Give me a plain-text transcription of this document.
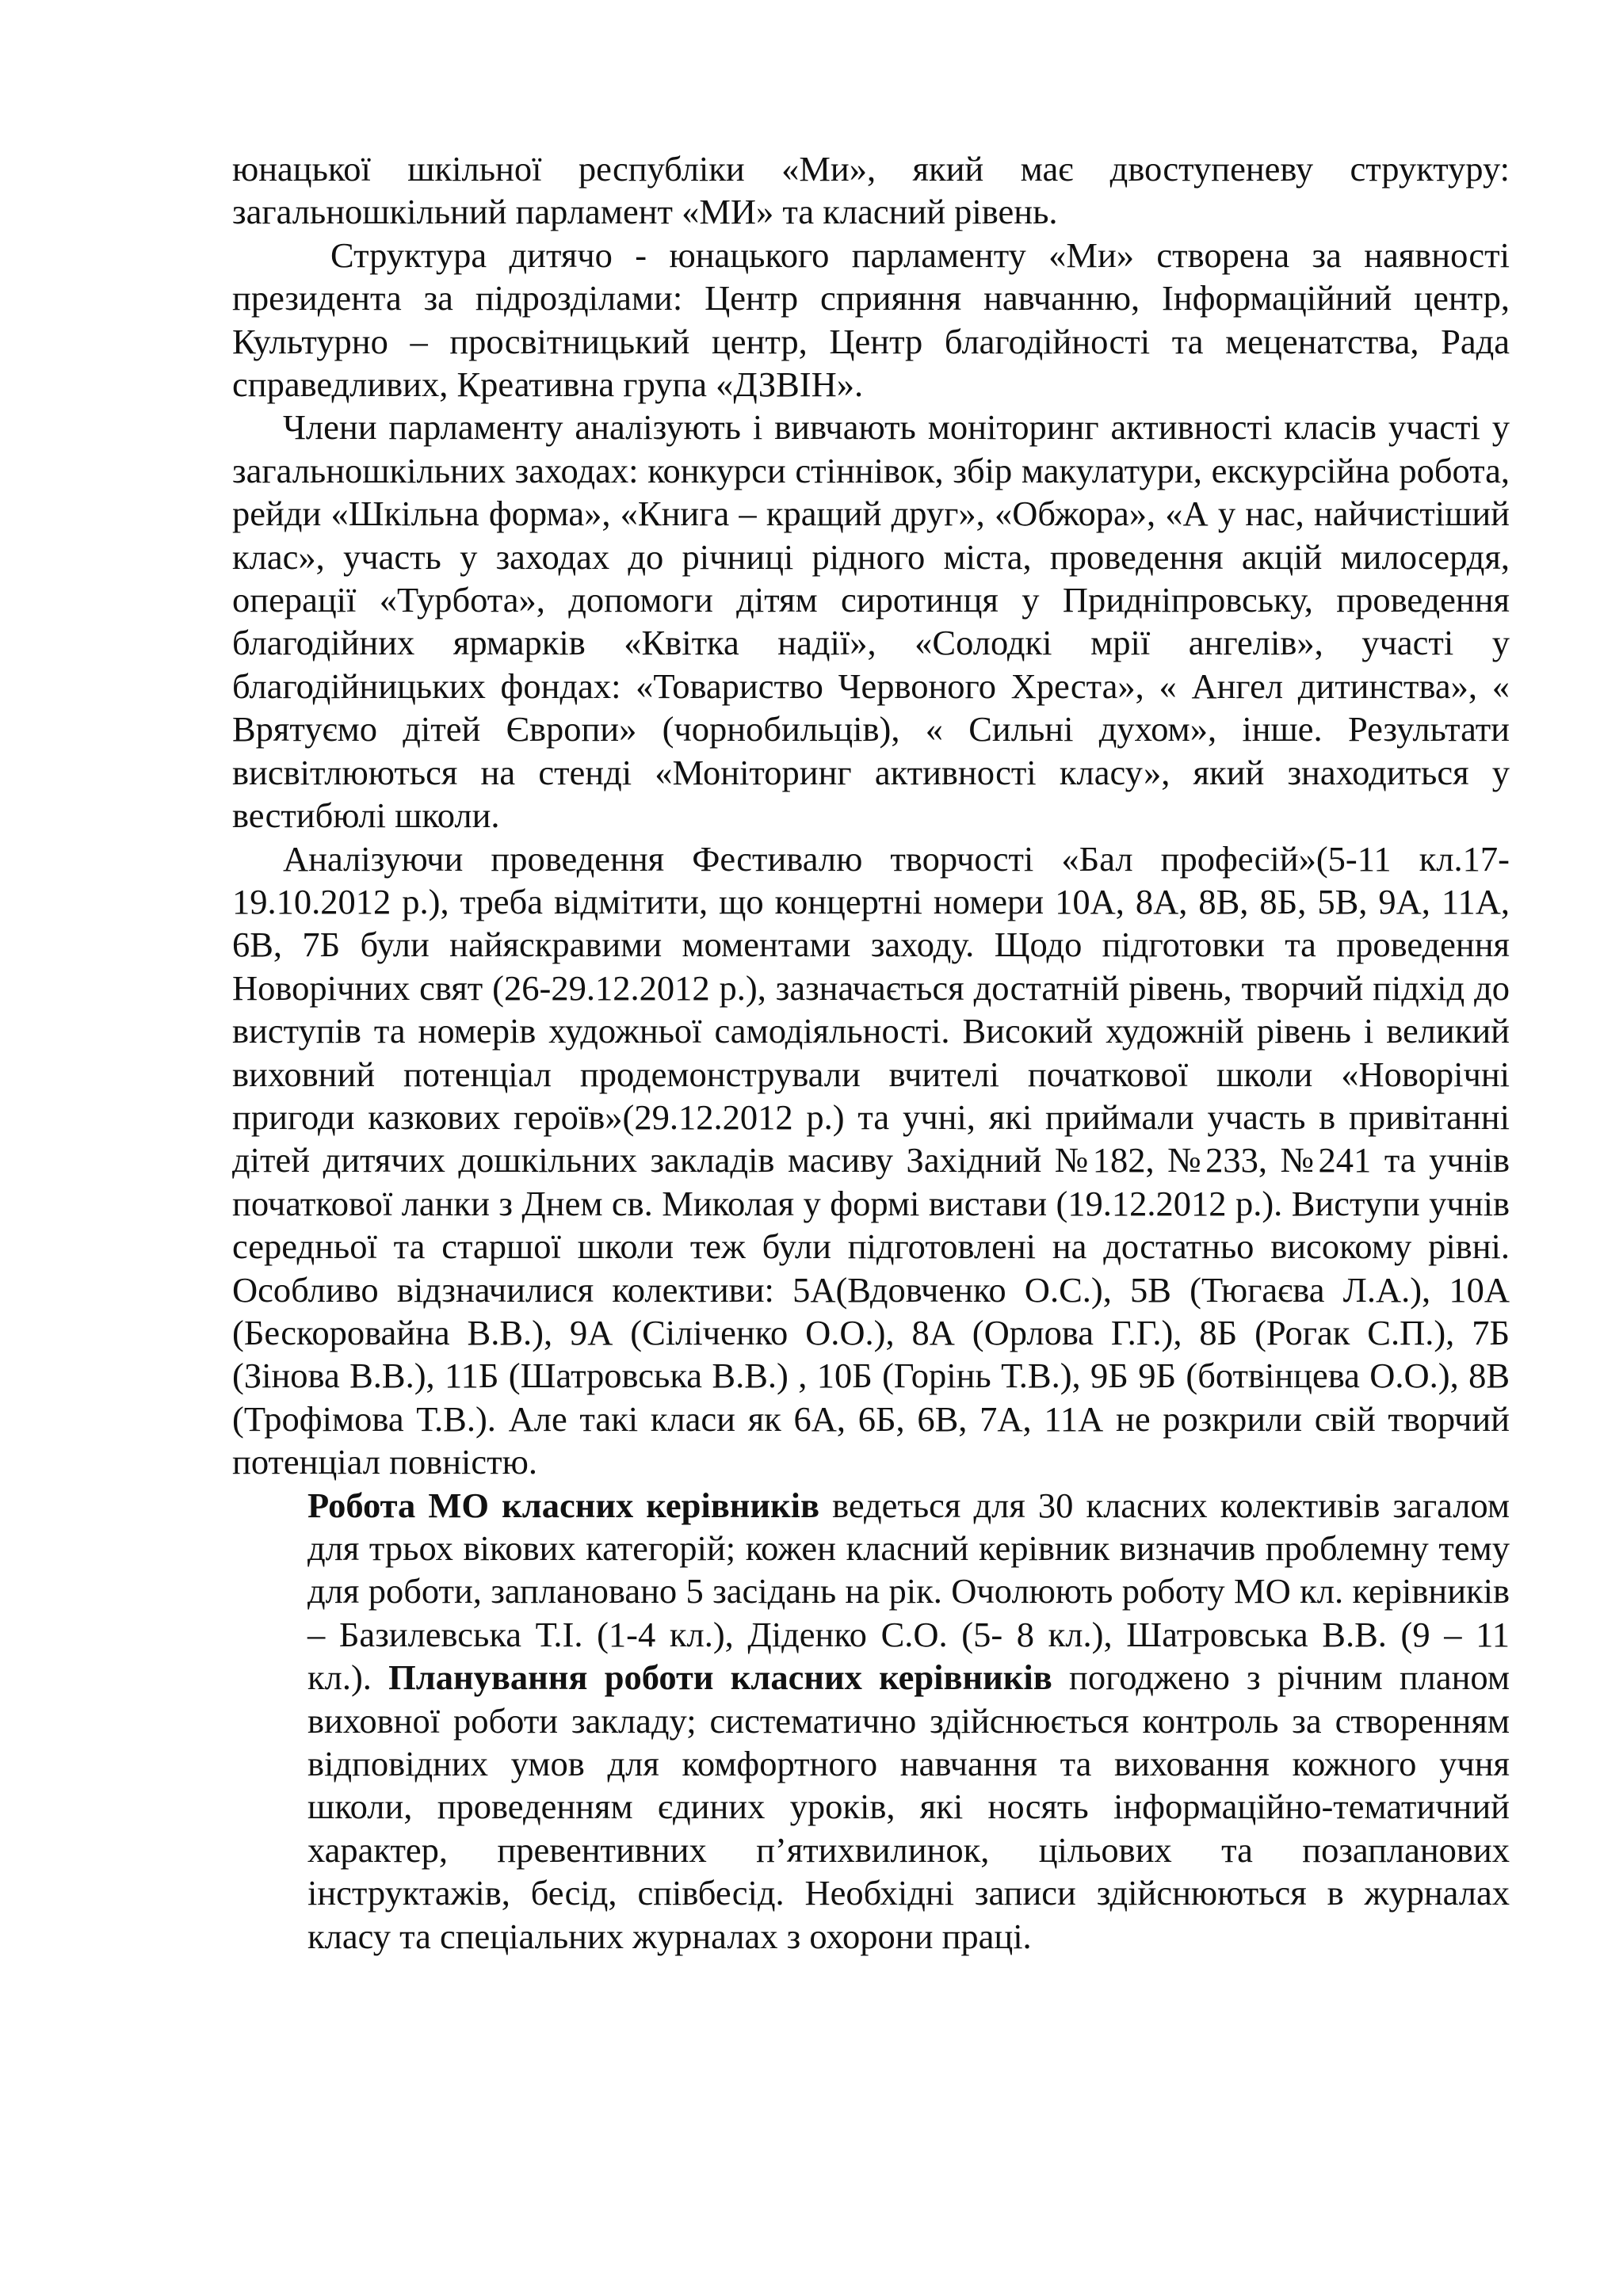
юнацької шкільної республіки «Ми», який має двоступеневу структуру: загальношкільний парламент «МИ» та класний рівень.

Структура дитячо - юнацького парламенту «Ми» створена за наявності президента за підрозділами: Центр сприяння навчанню, Інформаційний центр, Культурно – просвітницький центр, Центр благодійності та меценатства, Рада справедливих, Креативна група «ДЗВІН».

Члени парламенту аналізують і вивчають моніторинг активності класів участі у загальношкільних заходах: конкурси стіннівок, збір макулатури, екскурсійна робота, рейди «Шкільна форма», «Книга – кращий друг», «Обжора», «А у нас, найчистіший клас», участь у заходах до річниці рідного міста, проведення акцій милосердя, операції «Турбота», допомоги дітям сиротинця у Придніпровську, проведення благодійних ярмарків «Квітка надії», «Солодкі мрії ангелів», участі у благодійницьких фондах: «Товариство Червоного Хреста», « Ангел дитинства», « Врятуємо дітей Європи» (чорнобильців), « Сильні духом», інше. Результати висвітлюються на стенді «Моніторинг активності класу», який знаходиться у вестибюлі школи.

Аналізуючи проведення Фестивалю творчості «Бал професій»(5-11 кл.17-19.10.2012 р.), треба відмітити, що концертні номери 10А, 8А, 8В, 8Б, 5В, 9А, 11А, 6В, 7Б були найяскравими моментами заходу. Щодо підготовки та проведення Новорічних свят (26-29.12.2012 р.), зазначається достатній рівень, творчий підхід до виступів та номерів художньої самодіяльності. Високий художній рівень і великий виховний потенціал продемонстрували вчителі початкової школи «Новорічні пригоди казкових героїв»(29.12.2012 р.) та учні, які приймали участь в привітанні дітей дитячих дошкільних закладів масиву Західний №182, №233, №241 та учнів початкової ланки з Днем св. Миколая у формі вистави (19.12.2012 р.). Виступи учнів середньої та старшої школи теж були підготовлені на достатньо високому рівні. Особливо відзначилися колективи: 5А(Вдовченко О.С.), 5В (Тюгаєва Л.А.), 10А (Бескоровайна В.В.), 9А (Сіліченко О.О.), 8А (Орлова Г.Г.), 8Б (Рогак С.П.), 7Б (Зінова В.В.), 11Б (Шатровська В.В.) , 10Б (Горінь Т.В.), 9Б 9Б (ботвінцева О.О.), 8В (Трофімова Т.В.). Але такі класи як 6А, 6Б, 6В, 7А, 11А не розкрили свій творчий потенціал повністю.

Робота МО класних керівників ведеться для 30 класних колективів загалом для трьох вікових категорій; кожен класний керівник визначив проблемну тему для роботи, заплановано 5 засідань на рік. Очолюють роботу МО кл. керівників – Базилевська Т.І. (1-4 кл.), Діденко С.О. (5- 8 кл.), Шатровська В.В. (9 – 11 кл.). Планування роботи класних керівників погоджено з річним планом виховної роботи закладу; систематично здійснюється контроль за створенням відповідних умов для комфортного навчання та виховання кожного учня школи, проведенням єдиних уроків, які носять інформаційно-тематичний характер, превентивних п’ятихвилинок, цільових та позапланових інструктажів, бесід, співбесід. Необхідні записи здійснюються в журналах класу та спеціальних журналах з охорони праці.
